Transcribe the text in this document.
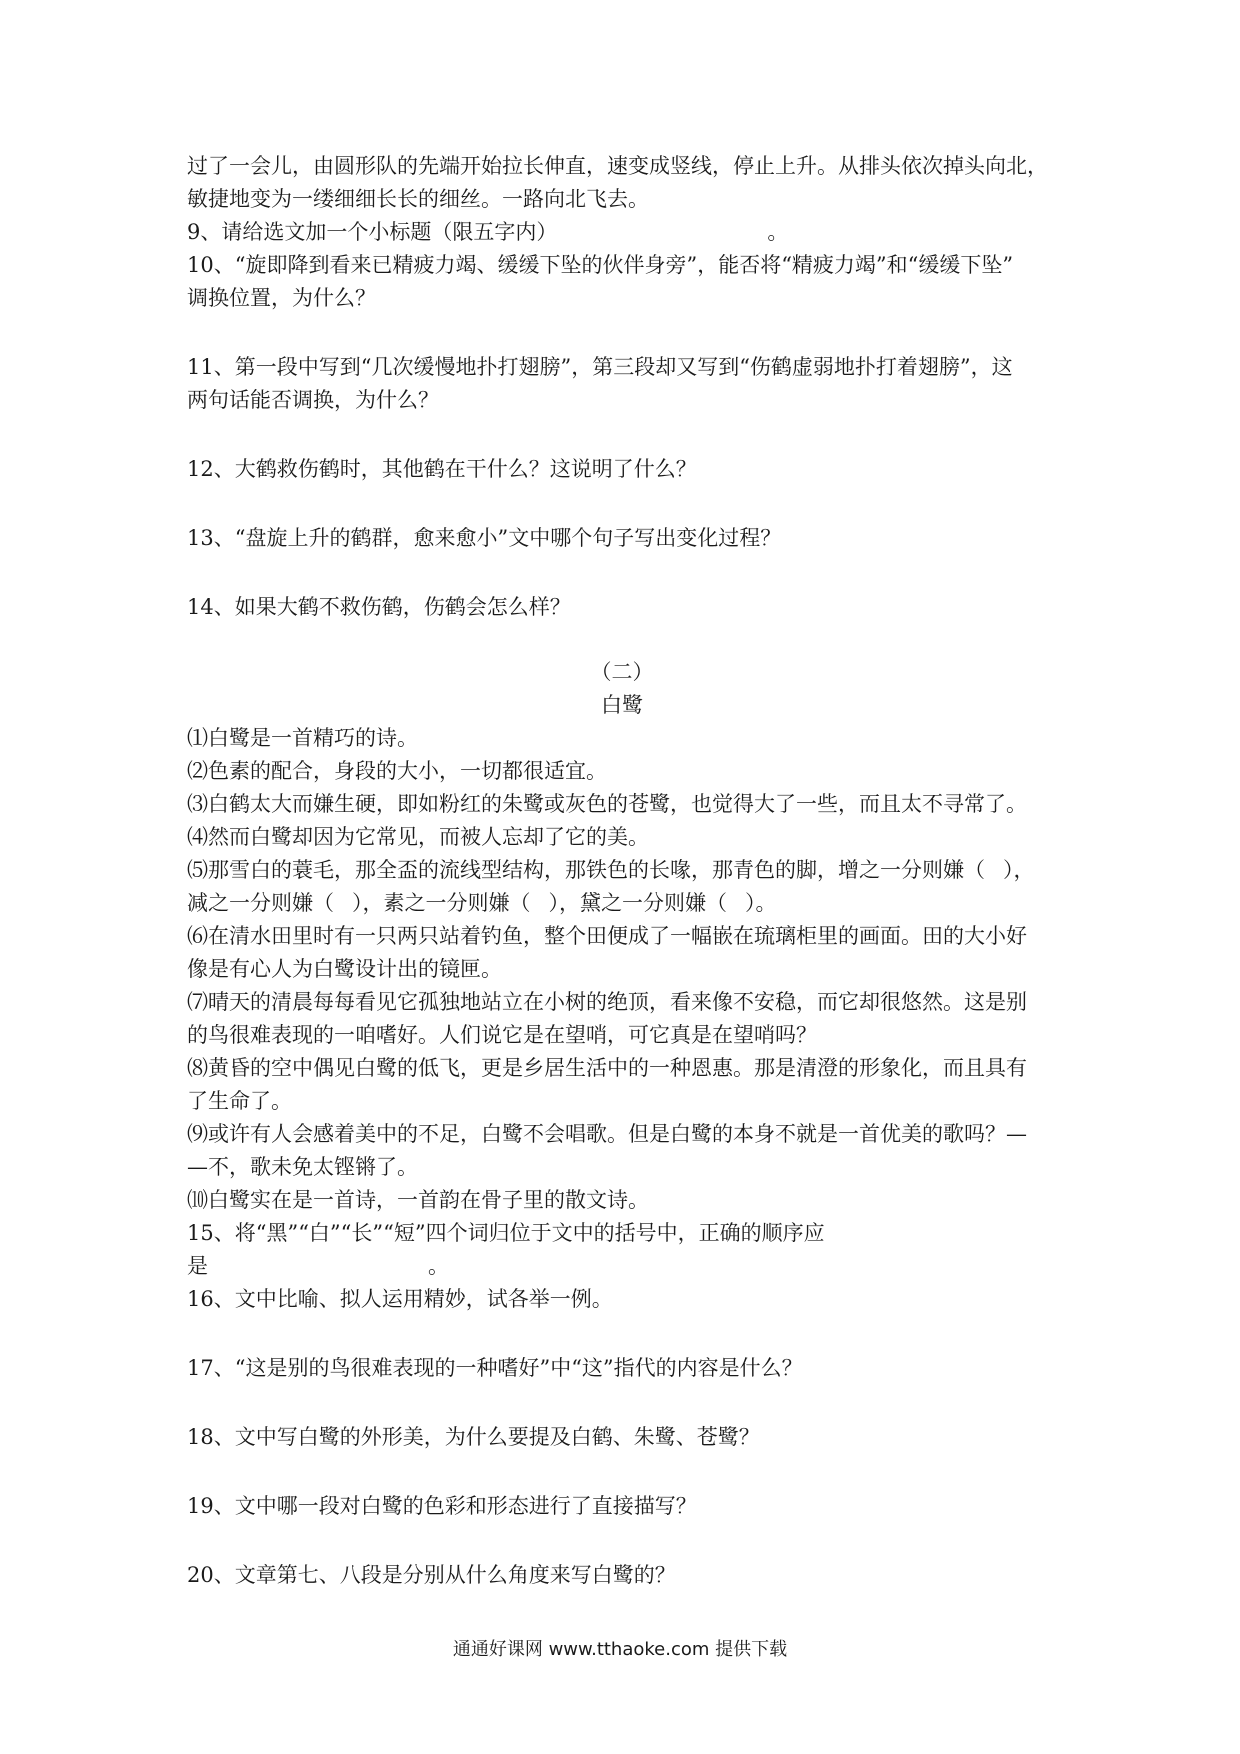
过了一会儿，由圆形队的先端开始拉长伸直，速变成竖线，停止上升。从排头依次掉头向北，
敏捷地变为一缕细细长长的细丝。一路向北飞去。
9、请给选文加一个小标题（限五字内）	。
10、“旋即降到看来已精疲力竭、缓缓下坠的伙伴身旁”，能否将“精疲力竭”和“缓缓下坠”
调换位置，为什么？
11、第一段中写到“几次缓慢地扑打翅膀”，第三段却又写到“伤鹤虚弱地扑打着翅膀”，这
两句话能否调换，为什么？
12、大鹤救伤鹤时，其他鹤在干什么？这说明了什么？
13、“盘旋上升的鹤群，愈来愈小”文中哪个句子写出变化过程？
14、如果大鹤不救伤鹤，伤鹤会怎么样？
（二）
白鹭
⑴白鹭是一首精巧的诗。
⑵色素的配合，身段的大小，一切都很适宜。
⑶白鹤太大而嫌生硬，即如粉红的朱鹭或灰色的苍鹭，也觉得大了一些，而且太不寻常了。
⑷然而白鹭却因为它常见，而被人忘却了它的美。
⑸那雪白的蓑毛，那全盃的流线型结构，那铁色的长喙，那青色的脚，增之一分则嫌（ ），
减之一分则嫌（ ），素之一分则嫌（ ），黛之一分则嫌（ ）。
⑹在清水田里时有一只两只站着钓鱼，整个田便成了一幅嵌在琉璃柜里的画面。田的大小好
像是有心人为白鹭设计出的镜匣。
⑺晴天的清晨每每看见它孤独地站立在小树的绝顶，看来像不安稳，而它却很悠然。这是别
的鸟很难表现的一咱嗜好。人们说它是在望哨，可它真是在望哨吗？
⑻黄昏的空中偶见白鹭的低飞，更是乡居生活中的一种恩惠。那是清澄的形象化，而且具有
了生命了。
⑼或许有人会感着美中的不足，白鹭不会唱歌。但是白鹭的本身不就是一首优美的歌吗？—
—不，歌未免太铿锵了。
⑽白鹭实在是一首诗，一首韵在骨子里的散文诗。
15、将“黑”“白”“长”“短”四个词归位于文中的括号中，正确的顺序应
是	。
16、文中比喻、拟人运用精妙，试各举一例。
17、“这是别的鸟很难表现的一种嗜好”中“这”指代的内容是什么？
18、文中写白鹭的外形美，为什么要提及白鹤、朱鹭、苍鹭？
19、文中哪一段对白鹭的色彩和形态进行了直接描写？
20、文章第七、八段是分别从什么角度来写白鹭的？
通通好课网 www.tthaoke.com 提供下载
